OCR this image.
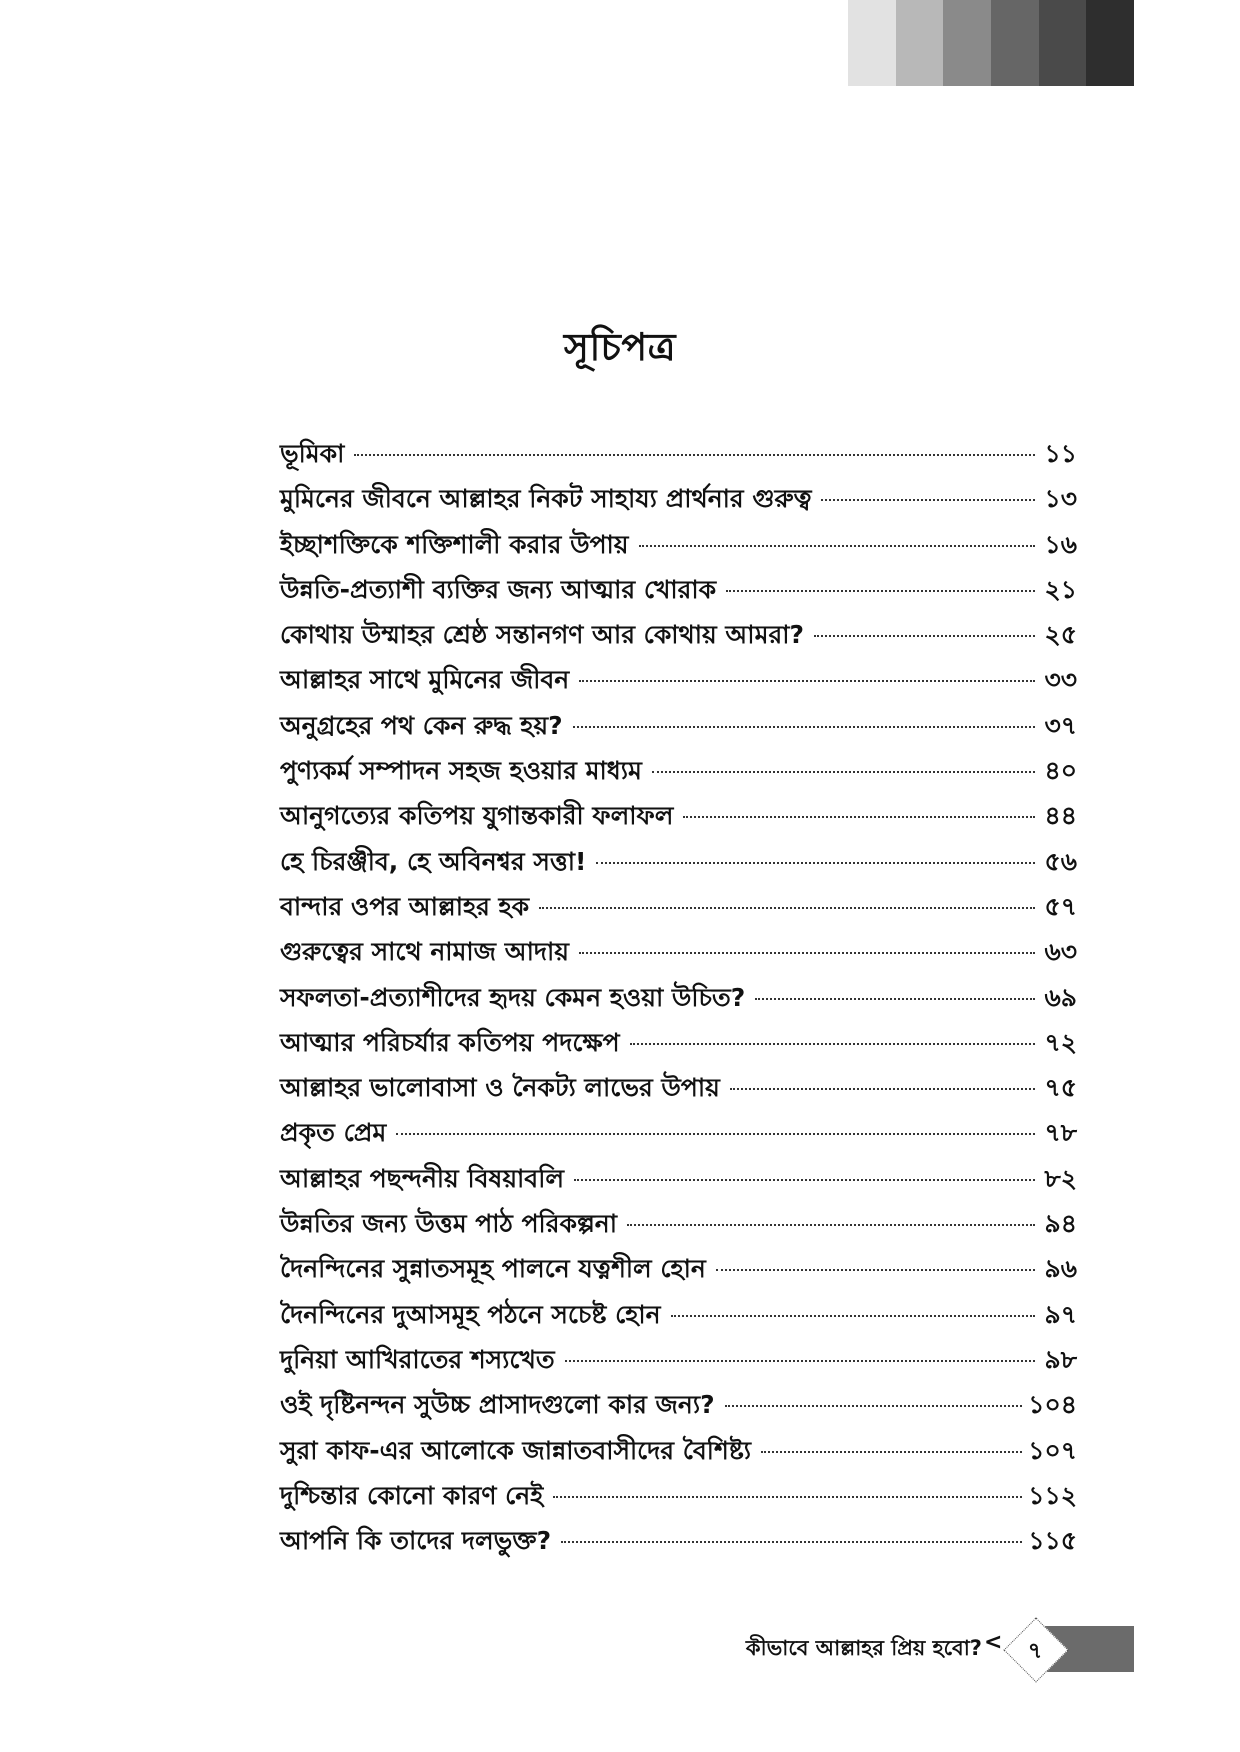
সূচিপত্র
ভূমিকা	১১
মুমিনের জীবনে আল্লাহর নিকট সাহায্য প্রার্থনার গুরুত্ব	১৩
ইচ্ছাশক্তিকে শক্তিশালী করার উপায়	১৬
উন্নতি-প্রত্যাশী ব্যক্তির জন্য আত্মার খোরাক	২১
কোথায় উম্মাহর শ্রেষ্ঠ সন্তানগণ আর কোথায় আমরা?	২৫
আল্লাহর সাথে মুমিনের জীবন	৩৩
অনুগ্রহের পথ কেন রুদ্ধ হয়?	৩৭
পুণ্যকর্ম সম্পাদন সহজ হওয়ার মাধ্যম	৪০
আনুগত্যের কতিপয় যুগান্তকারী ফলাফল	৪৪
হে চিরঞ্জীব, হে অবিনশ্বর সত্তা!	৫৬
বান্দার ওপর আল্লাহর হক	৫৭
গুরুত্বের সাথে নামাজ আদায়	৬৩
সফলতা-প্রত্যাশীদের হৃদয় কেমন হওয়া উচিত?	৬৯
আত্মার পরিচর্যার কতিপয় পদক্ষেপ	৭২
আল্লাহর ভালোবাসা ও নৈকট্য লাভের উপায়	৭৫
প্রকৃত প্রেম	৭৮
আল্লাহর পছন্দনীয় বিষয়াবলি	৮২
উন্নতির জন্য উত্তম পাঠ পরিকল্পনা	৯৪
দৈনন্দিনের সুন্নাতসমূহ পালনে যত্নশীল হোন	৯৬
দৈনন্দিনের দুআসমূহ পঠনে সচেষ্ট হোন	৯৭
দুনিয়া আখিরাতের শস্যখেত	৯৮
ওই দৃষ্টিনন্দন সুউচ্চ প্রাসাদগুলো কার জন্য?	১০৪
সুরা কাফ-এর আলোকে জান্নাতবাসীদের বৈশিষ্ট্য	১০৭
দুশ্চিন্তার কোনো কারণ নেই	১১২
আপনি কি তাদের দলভুক্ত?	১১৫
কীভাবে আল্লাহর প্রিয় হবো? <	৭
